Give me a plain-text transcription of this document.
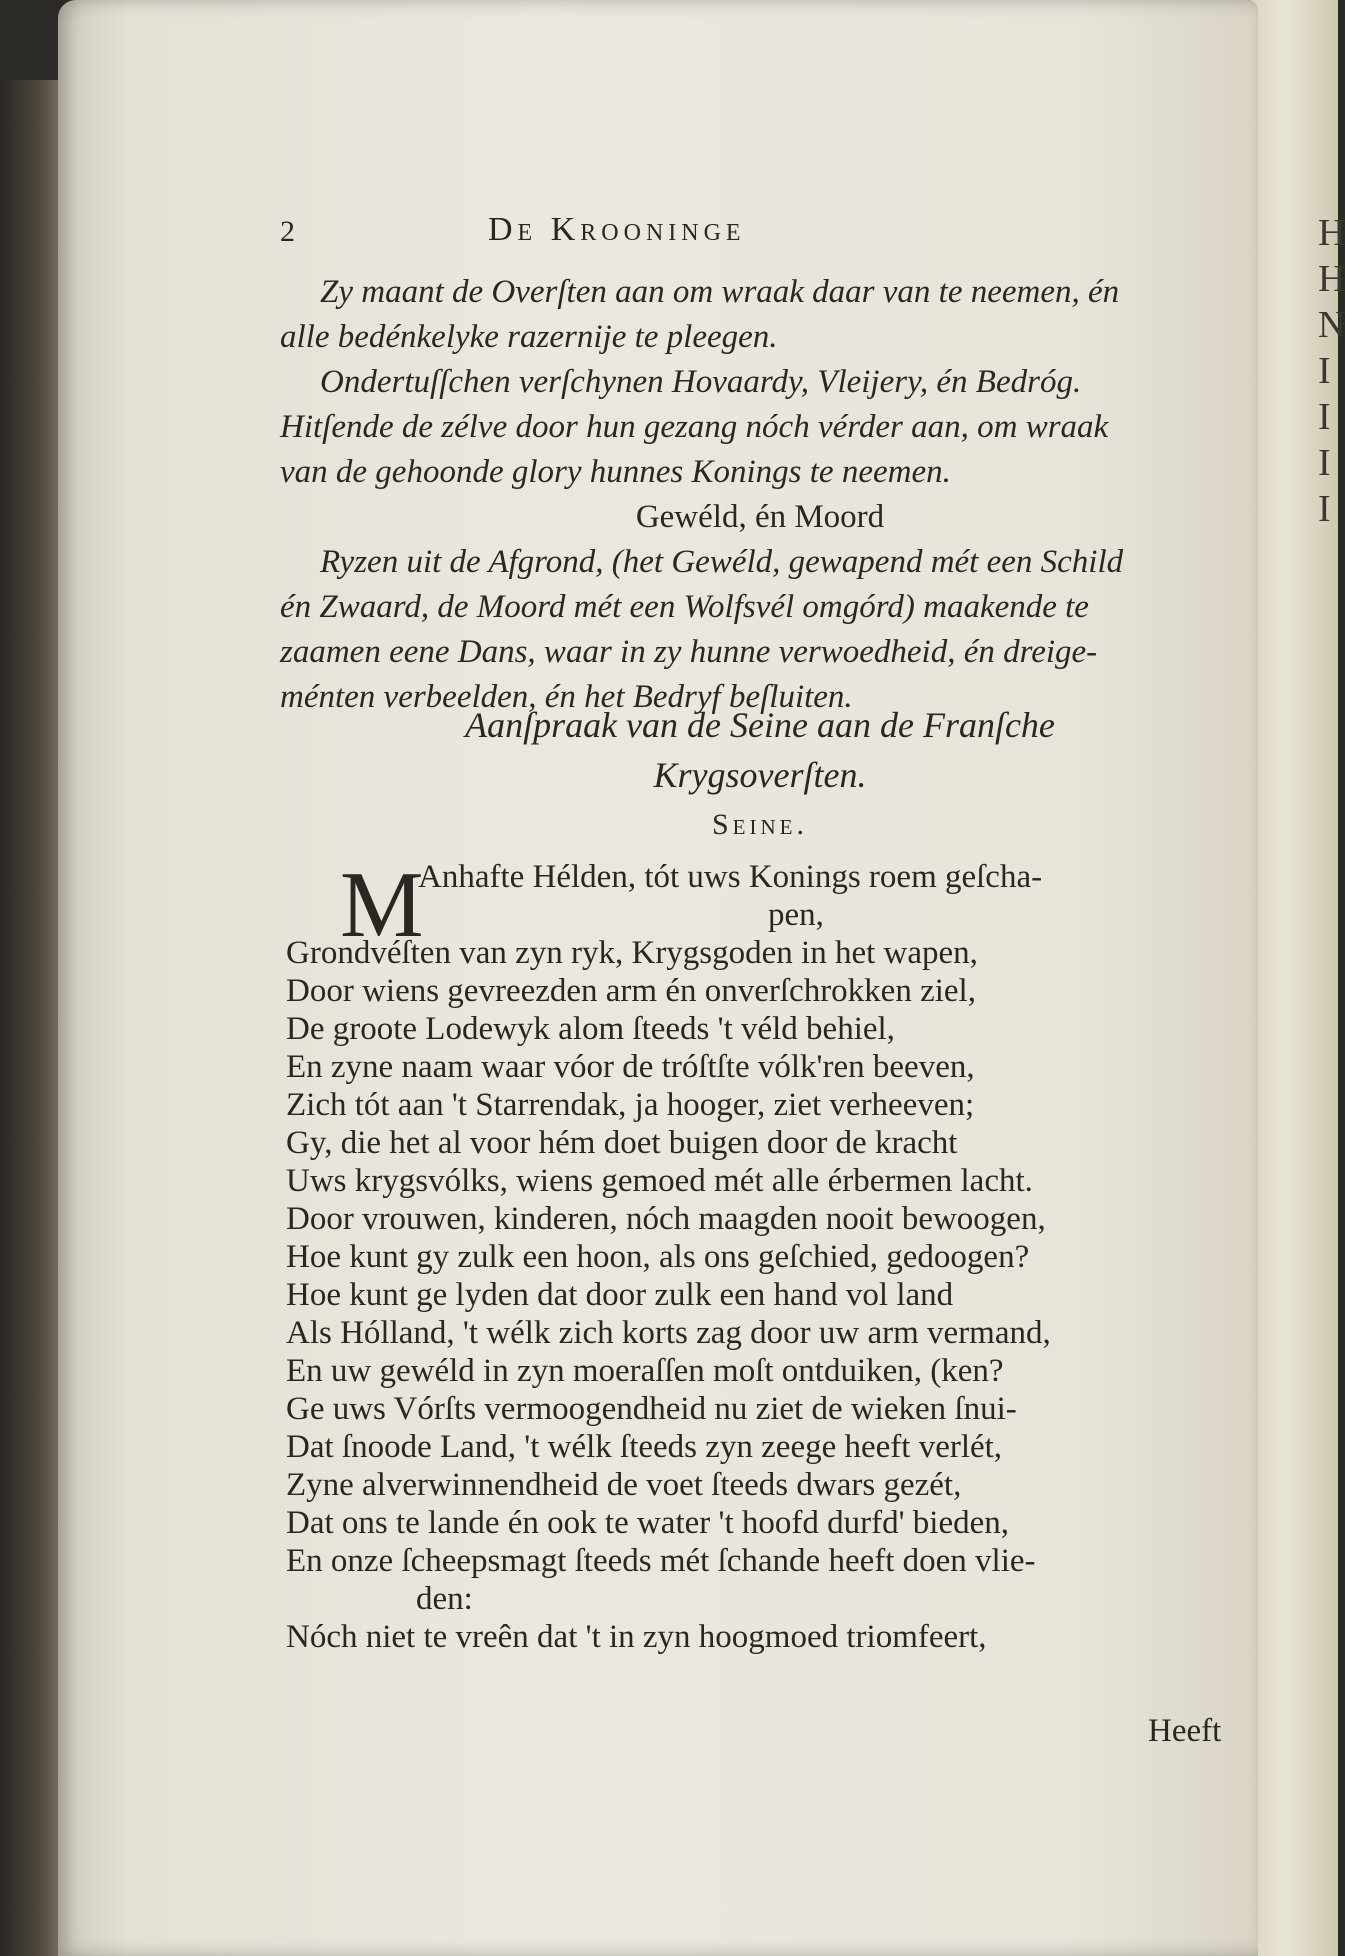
H
H
N
I
I
I
I
2	De Krooninge
Zy maant de Overſten aan om wraak daar van te neemen, én
alle bedénkelyke razernije te pleegen.
Ondertuſſchen verſchynen Hovaardy, Vleijery, én Bedróg.
Hitſende de zélve door hun gezang nóch vérder aan, om wraak
van de gehoonde glory hunnes Konings te neemen.
Gewéld, én Moord
Ryzen uit de Afgrond, (het Gewéld, gewapend mét een Schild
én Zwaard, de Moord mét een Wolfsvél omgórd) maakende te
zaamen eene Dans, waar in zy hunne verwoedheid, én dreige-
ménten verbeelden, én het Bedryf beſluiten.
Aanſpraak van de Seine aan de Franſche
Krygsoverſten.
Seine.
M
Anhafte Hélden, tót uws Konings roem geſcha-
pen,
Grondvéſten van zyn ryk, Krygsgoden in het wapen,
Door wiens gevreezden arm én onverſchrokken ziel,
De groote Lodewyk alom ſteeds 't véld behiel,
En zyne naam waar vóor de tróſtſte vólk'ren beeven,
Zich tót aan 't Starrendak, ja hooger, ziet verheeven;
Gy, die het al voor hém doet buigen door de kracht
Uws krygsvólks, wiens gemoed mét alle érbermen lacht.
Door vrouwen, kinderen, nóch maagden nooit bewoogen,
Hoe kunt gy zulk een hoon, als ons geſchied, gedoogen?
Hoe kunt ge lyden dat door zulk een hand vol land
Als Hólland, 't wélk zich korts zag door uw arm vermand,
En uw gewéld in zyn moeraſſen moſt ontduiken, (ken?
Ge uws Vórſts vermoogendheid nu ziet de wieken ſnui-
Dat ſnoode Land, 't wélk ſteeds zyn zeege heeft verlét,
Zyne alverwinnendheid de voet ſteeds dwars gezét,
Dat ons te lande én ook te water 't hoofd durfd' bieden,
En onze ſcheepsmagt ſteeds mét ſchande heeft doen vlie-
den:
Nóch niet te vreên dat 't in zyn hoogmoed triomfeert,
Heeft
